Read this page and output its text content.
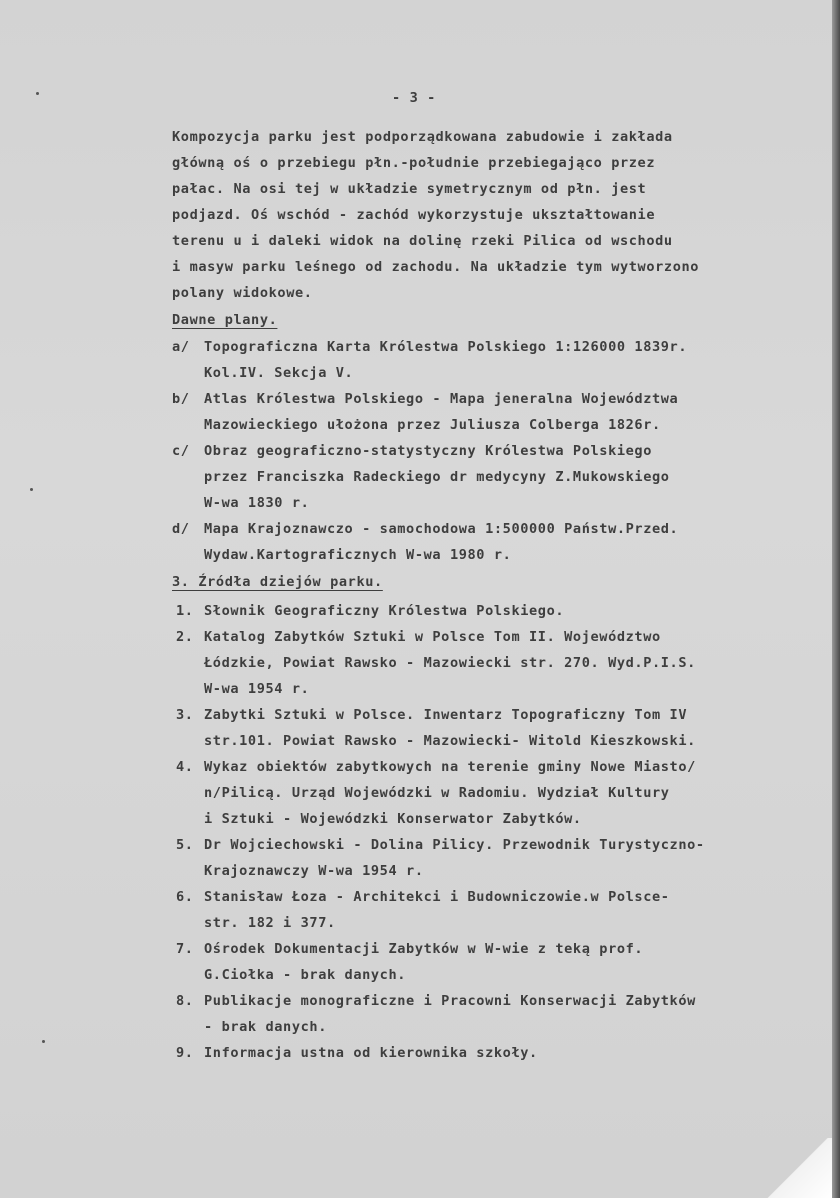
- 3 -
Kompozycja parku jest podporządkowana zabudowie i zakłada
główną oś o przebiegu płn.-południe przebiegająco przez
pałac. Na osi tej w układzie symetrycznym od płn. jest
podjazd. Oś wschód - zachód wykorzystuje ukształtowanie
terenu u i daleki widok na dolinę rzeki Pilica od wschodu
i masyw parku leśnego od zachodu. Na układzie tym wytworzono
polany widokowe.
Dawne plany.
a/ Topograficzna Karta Królestwa Polskiego 1:126000 1839r.
Kol.IV. Sekcja V.
b/ Atlas Królestwa Polskiego - Mapa jeneralna Województwa
Mazowieckiego ułożona przez Juliusza Colberga 1826r.
c/ Obraz geograficzno-statystyczny Królestwa Polskiego
przez Franciszka Radeckiego dr medycyny Z.Mukowskiego
W-wa 1830 r.
d/ Mapa Krajoznawczo - samochodowa 1:500000 Państw.Przed.
Wydaw.Kartograficznych W-wa 1980 r.
3. Źródła dziejów parku.
1. Słownik Geograficzny Królestwa Polskiego.
2. Katalog Zabytków Sztuki w Polsce Tom II. Województwo
Łódzkie, Powiat Rawsko - Mazowiecki str. 270. Wyd.P.I.S.
W-wa 1954 r.
3. Zabytki Sztuki w Polsce. Inwentarz Topograficzny Tom IV
str.101. Powiat Rawsko - Mazowiecki- Witold Kieszkowski.
4. Wykaz obiektów zabytkowych na terenie gminy Nowe Miasto/
n/Pilicą. Urząd Wojewódzki w Radomiu. Wydział Kultury
i Sztuki - Wojewódzki Konserwator Zabytków.
5. Dr Wojciechowski - Dolina Pilicy. Przewodnik Turystyczno-
Krajoznawczy W-wa 1954 r.
6. Stanisław Łoza - Architekci i Budowniczowie.w Polsce-
str. 182 i 377.
7. Ośrodek Dokumentacji Zabytków w W-wie z teką prof.
G.Ciołka - brak danych.
8. Publikacje monograficzne i Pracowni Konserwacji Zabytków
- brak danych.
9. Informacja ustna od kierownika szkoły.
